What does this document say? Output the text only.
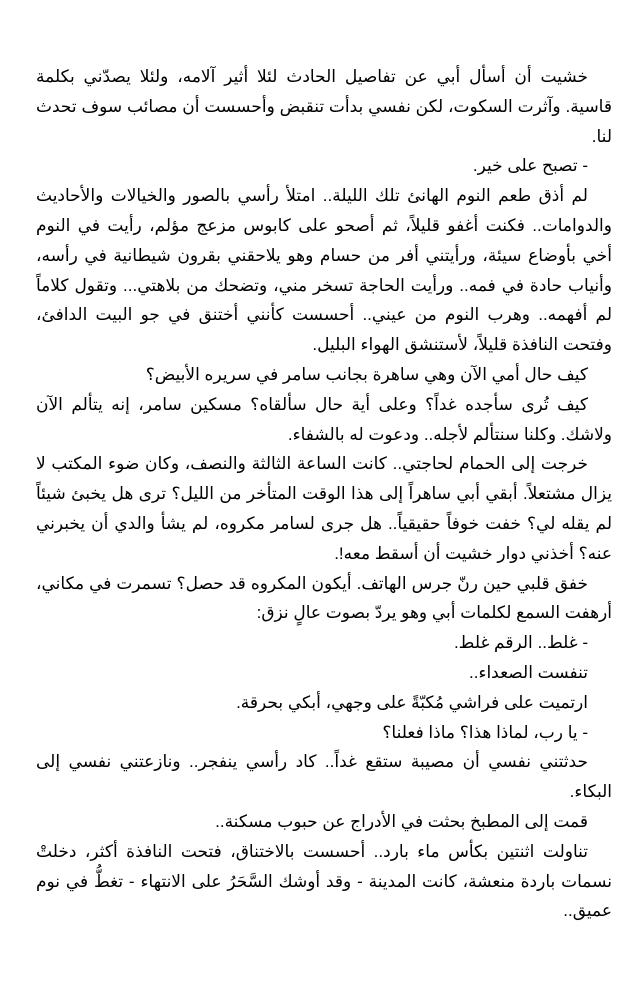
خشيت أن أسأل أبي عن تفاصيل الحادث لئلا أثير آلامه، ولئلا يصدّني بكلمة قاسية. وآثرت السكوت، لكن نفسي بدأت تنقبض وأحسست أن مصائب سوف تحدث لنا.

- تصبح على خير.

لم أذق طعم النوم الهانئ تلك الليلة.. امتلأ رأسي بالصور والخيالات والأحاديث والدوامات.. فكنت أغفو قليلاً، ثم أصحو على كابوس مزعج مؤلم، رأيت في النوم أخي بأوضاع سيئة، ورأيتني أفر من حسام وهو يلاحقني بقرون شيطانية في رأسه، وأنياب حادة في فمه.. ورأيت الحاجة تسخر مني، وتضحك من بلاهتي... وتقول كلاماً لم أفهمه.. وهرب النوم من عيني.. أحسست كأنني أختنق في جو البيت الدافئ، وفتحت النافذة قليلاً، لأستنشق الهواء البليل.

كيف حال أمي الآن وهي ساهرة بجانب سامر في سريره الأبيض؟

كيف تُرى سأجده غداً؟ وعلى أية حال سألقاه؟ مسكين سامر، إنه يتألم الآن ولاشك. وكلنا سنتألم لأجله.. ودعوت له بالشفاء.

خرجت إلى الحمام لحاجتي.. كانت الساعة الثالثة والنصف، وكان ضوء المكتب لا يزال مشتعلاً. أبقي أبي ساهراً إلى هذا الوقت المتأخر من الليل؟ ترى هل يخبئ شيئاً لم يقله لي؟ خفت خوفاً حقيقياً.. هل جرى لسامر مكروه، لم يشأ والدي أن يخبرني عنه؟ أخذني دوار خشيت أن أسقط معه!.

خفق قلبي حين رنّ جرس الهاتف. أيكون المكروه قد حصل؟ تسمرت في مكاني، أرهفت السمع لكلمات أبي وهو يردّ بصوت عالٍ نزق:

- غلط.. الرقم غلط.

تنفست الصعداء..

ارتميت على فراشي مُكبّةً على وجهي، أبكي بحرقة.

- يا رب، لماذا هذا؟ ماذا فعلنا؟

حدثتني نفسي أن مصيبة ستقع غداً.. كاد رأسي ينفجر.. ونازعتني نفسي إلى البكاء.

قمت إلى المطبخ بحثت في الأدراج عن حبوب مسكنة..

تناولت اثنتين بكأس ماء بارد.. أحسست بالاختناق، فتحت النافذة أكثر، دخلتْ نسمات باردة منعشة، كانت المدينة - وقد أوشك السَّحَرُ على الانتهاء - تغطُّ في نوم عميق..
